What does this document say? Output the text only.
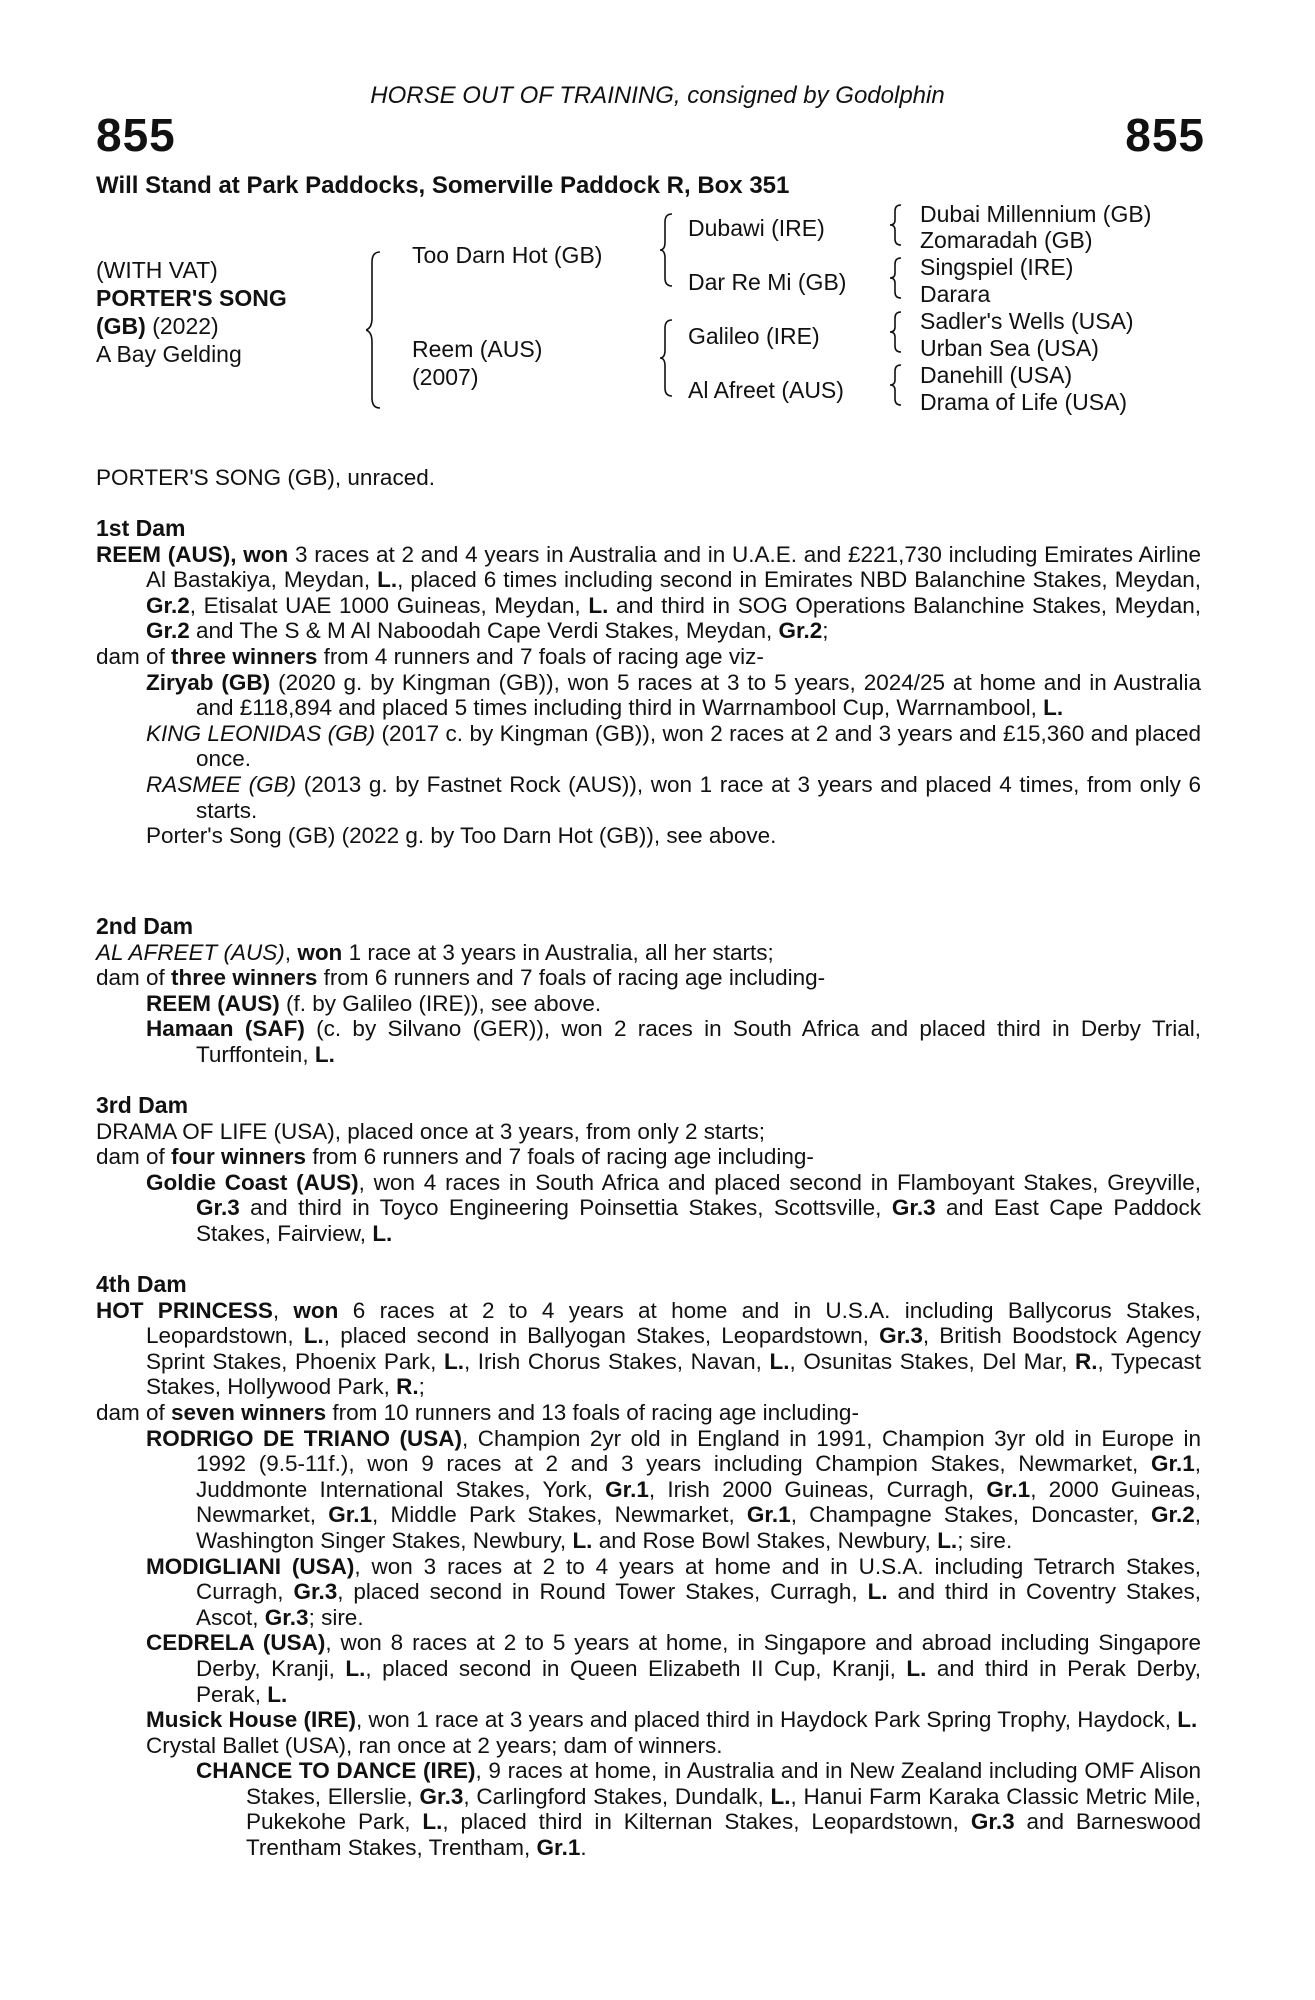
HORSE OUT OF TRAINING, consigned by Godolphin
855	855
Will Stand at Park Paddocks, Somerville Paddock R, Box 351
(WITH VAT)
PORTER'S SONG
(GB) (2022)
A Bay Gelding
Too Darn Hot (GB)
Reem (AUS)
(2007)
Dubawi (IRE)
Dar Re Mi (GB)
Galileo (IRE)
Al Afreet (AUS)
Dubai Millennium (GB)
Zomaradah (GB)
Singspiel (IRE)
Darara
Sadler's Wells (USA)
Urban Sea (USA)
Danehill (USA)
Drama of Life (USA)

PORTER'S SONG (GB), unraced.

1st Dam

REEM (AUS), won 3 races at 2 and 4 years in Australia and in U.A.E. and £221,730 including Emirates Airline Al Bastakiya, Meydan, L., placed 6 times including second in Emirates NBD Balanchine Stakes, Meydan, Gr.2, Etisalat UAE 1000 Guineas, Meydan, L. and third in SOG Operations Balanchine Stakes, Meydan, Gr.2 and The S & M Al Naboodah Cape Verdi Stakes, Meydan, Gr.2;

dam of three winners from 4 runners and 7 foals of racing age viz-

Ziryab (GB) (2020 g. by Kingman (GB)), won 5 races at 3 to 5 years, 2024/25 at home and in Australia and £118,894 and placed 5 times including third in Warrnambool Cup, Warrnambool, L.

KING LEONIDAS (GB) (2017 c. by Kingman (GB)), won 2 races at 2 and 3 years and £15,360 and placed once.

RASMEE (GB) (2013 g. by Fastnet Rock (AUS)), won 1 race at 3 years and placed 4 times, from only 6 starts.

Porter's Song (GB) (2022 g. by Too Darn Hot (GB)), see above.

2nd Dam

AL AFREET (AUS), won 1 race at 3 years in Australia, all her starts;

dam of three winners from 6 runners and 7 foals of racing age including-

REEM (AUS) (f. by Galileo (IRE)), see above.

Hamaan (SAF) (c. by Silvano (GER)), won 2 races in South Africa and placed third in Derby Trial, Turffontein, L.

3rd Dam

DRAMA OF LIFE (USA), placed once at 3 years, from only 2 starts;

dam of four winners from 6 runners and 7 foals of racing age including-

Goldie Coast (AUS), won 4 races in South Africa and placed second in Flamboyant Stakes, Greyville, Gr.3 and third in Toyco Engineering Poinsettia Stakes, Scottsville, Gr.3 and East Cape Paddock Stakes, Fairview, L.

4th Dam

HOT PRINCESS, won 6 races at 2 to 4 years at home and in U.S.A. including Ballycorus Stakes, Leopardstown, L., placed second in Ballyogan Stakes, Leopardstown, Gr.3, British Boodstock Agency Sprint Stakes, Phoenix Park, L., Irish Chorus Stakes, Navan, L., Osunitas Stakes, Del Mar, R., Typecast Stakes, Hollywood Park, R.;

dam of seven winners from 10 runners and 13 foals of racing age including-

RODRIGO DE TRIANO (USA), Champion 2yr old in England in 1991, Champion 3yr old in Europe in 1992 (9.5-11f.), won 9 races at 2 and 3 years including Champion Stakes, Newmarket, Gr.1, Juddmonte International Stakes, York, Gr.1, Irish 2000 Guineas, Curragh, Gr.1, 2000 Guineas, Newmarket, Gr.1, Middle Park Stakes, Newmarket, Gr.1, Champagne Stakes, Doncaster, Gr.2, Washington Singer Stakes, Newbury, L. and Rose Bowl Stakes, Newbury, L.; sire.

MODIGLIANI (USA), won 3 races at 2 to 4 years at home and in U.S.A. including Tetrarch Stakes, Curragh, Gr.3, placed second in Round Tower Stakes, Curragh, L. and third in Coventry Stakes, Ascot, Gr.3; sire.

CEDRELA (USA), won 8 races at 2 to 5 years at home, in Singapore and abroad including Singapore Derby, Kranji, L., placed second in Queen Elizabeth II Cup, Kranji, L. and third in Perak Derby, Perak, L.

Musick House (IRE), won 1 race at 3 years and placed third in Haydock Park Spring Trophy, Haydock, L.

Crystal Ballet (USA), ran once at 2 years; dam of winners.

CHANCE TO DANCE (IRE), 9 races at home, in Australia and in New Zealand including OMF Alison Stakes, Ellerslie, Gr.3, Carlingford Stakes, Dundalk, L., Hanui Farm Karaka Classic Metric Mile, Pukekohe Park, L., placed third in Kilternan Stakes, Leopardstown, Gr.3 and Barneswood Trentham Stakes, Trentham, Gr.1.
